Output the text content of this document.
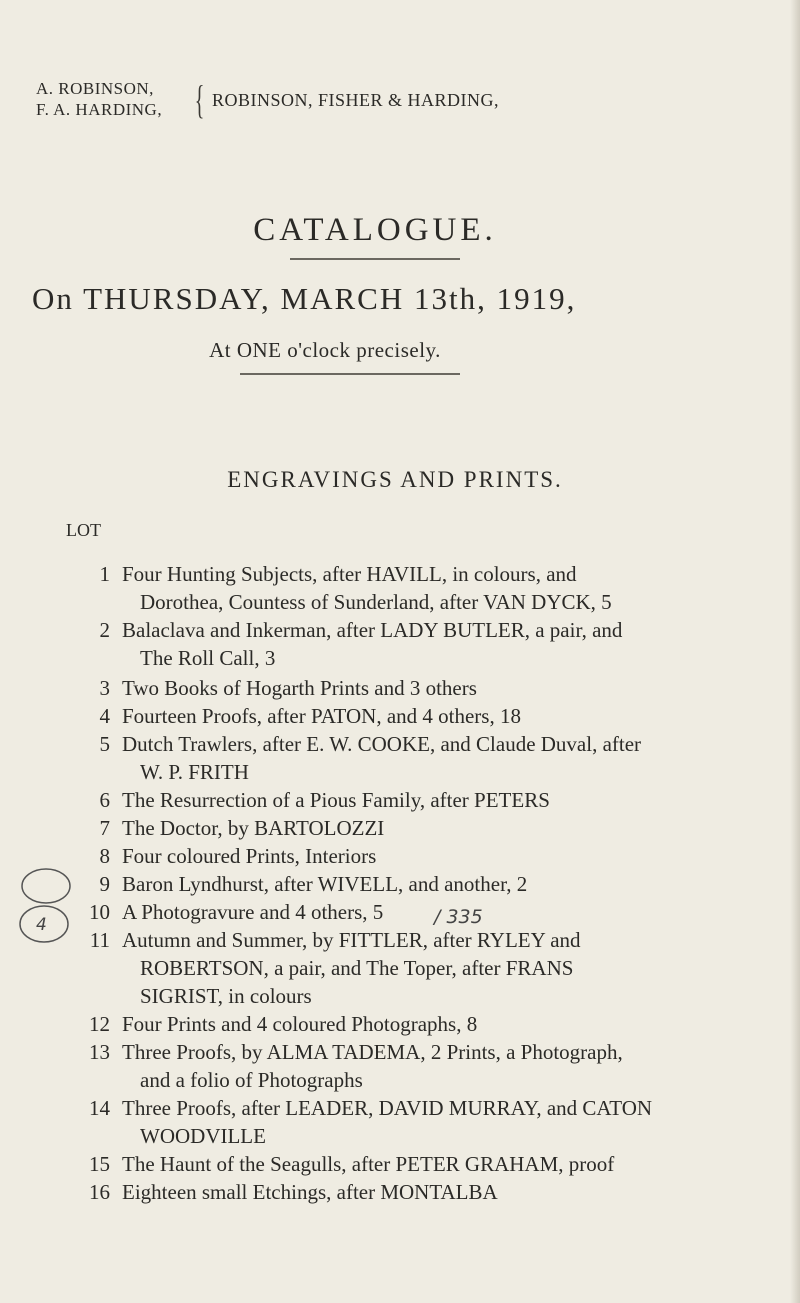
A. ROBINSON,
F. A. HARDING, { ROBINSON, FISHER & HARDING,
CATALOGUE.
On THURSDAY, MARCH 13th, 1919,
At ONE o'clock precisely.
ENGRAVINGS AND PRINTS.
LOT
1 Four Hunting Subjects, after HAVILL, in colours, and
Dorothea, Countess of Sunderland, after VAN DYCK, 5
2 Balaclava and Inkerman, after LADY BUTLER, a pair, and
The Roll Call, 3
3 Two Books of Hogarth Prints and 3 others
4 Fourteen Proofs, after PATON, and 4 others, 18
5 Dutch Trawlers, after E. W. COOKE, and Claude Duval, after
W. P. FRITH
6 The Resurrection of a Pious Family, after PETERS
7 The Doctor, by BARTOLOZZI
8 Four coloured Prints, Interiors
9 Baron Lyndhurst, after WIVELL, and another, 2
10 A Photogravure and 4 others, 5
11 Autumn and Summer, by FITTLER, after RYLEY and
ROBERTSON, a pair, and The Toper, after FRANS
SIGRIST, in colours
12 Four Prints and 4 coloured Photographs, 8
13 Three Proofs, by ALMA TADEMA, 2 Prints, a Photograph,
and a folio of Photographs
14 Three Proofs, after LEADER, DAVID MURRAY, and CATON
WOODVILLE
15 The Haunt of the Seagulls, after PETER GRAHAM, proof
16 Eighteen small Etchings, after MONTALBA
4	/ 335
